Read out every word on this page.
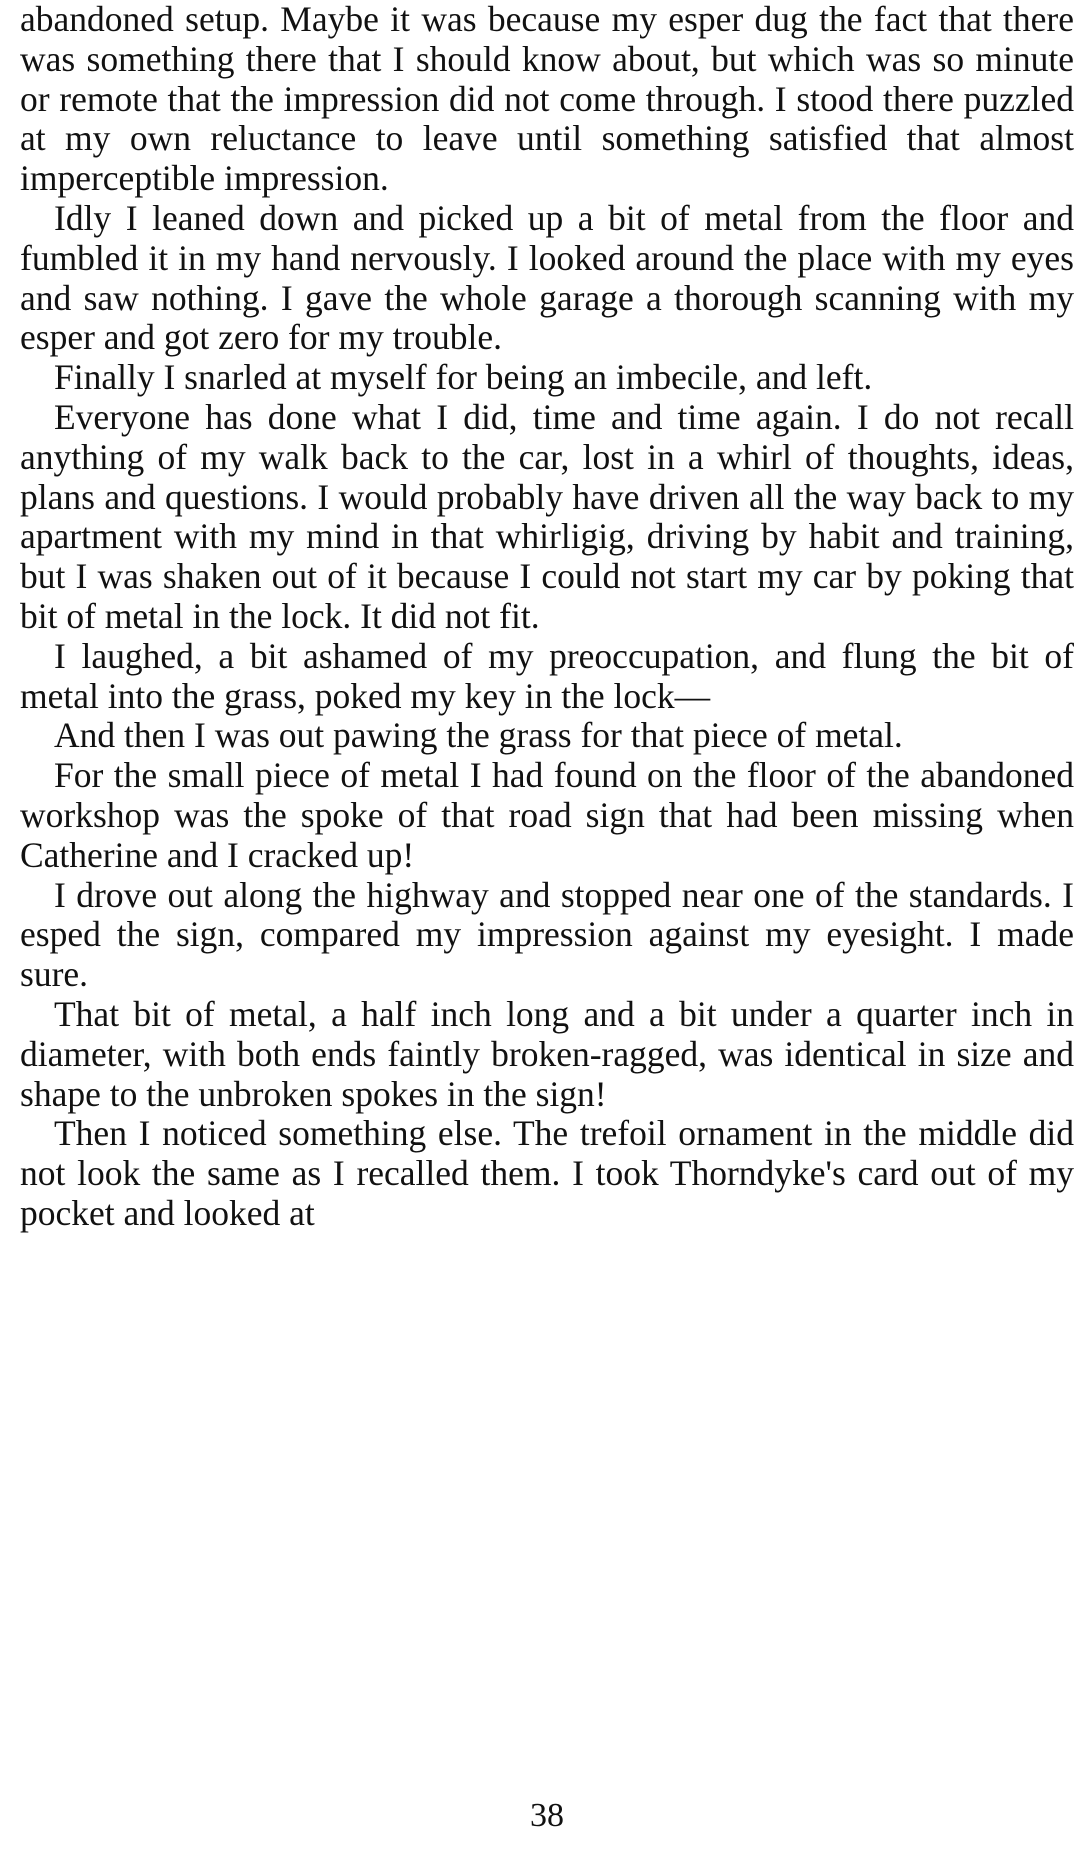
abandoned setup. Maybe it was because my esper dug the fact that there was something there that I should know about, but which was so minute or remote that the impression did not come through. I stood there puzzled at my own reluctance to leave until something satisfied that almost imperceptible impression.

Idly I leaned down and picked up a bit of metal from the floor and fumbled it in my hand nervously. I looked around the place with my eyes and saw nothing. I gave the whole garage a thorough scanning with my esper and got zero for my trouble.

Finally I snarled at myself for being an imbecile, and left.

Everyone has done what I did, time and time again. I do not recall anything of my walk back to the car, lost in a whirl of thoughts, ideas, plans and questions. I would probably have driven all the way back to my apartment with my mind in that whirligig, driving by habit and training, but I was shaken out of it because I could not start my car by poking that bit of metal in the lock. It did not fit.

I laughed, a bit ashamed of my preoccupation, and flung the bit of metal into the grass, poked my key in the lock—

And then I was out pawing the grass for that piece of metal.

For the small piece of metal I had found on the floor of the abandoned workshop was the spoke of that road sign that had been missing when Catherine and I cracked up!

I drove out along the highway and stopped near one of the standards. I esped the sign, compared my impression against my eyesight. I made sure.

That bit of metal, a half inch long and a bit under a quarter inch in diameter, with both ends faintly broken-ragged, was identical in size and shape to the unbroken spokes in the sign!

Then I noticed something else. The trefoil ornament in the middle did not look the same as I recalled them. I took Thorndyke's card out of my pocket and looked at

38
